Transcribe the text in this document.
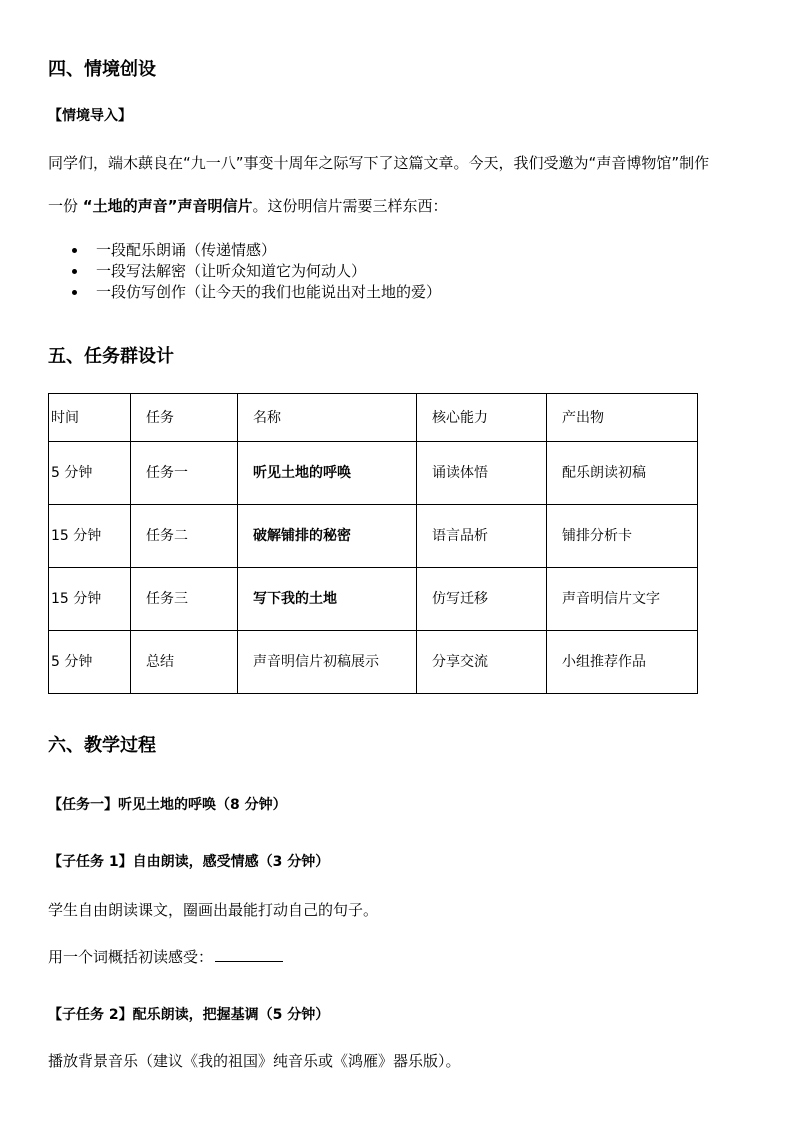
四、情境创设
【情境导入】
同学们，端木蕻良在“九一八”事变十周年之际写下了这篇文章。今天，我们受邀为“声音博物馆”制作
一份 “土地的声音”声音明信片。这份明信片需要三样东西：
一段配乐朗诵（传递情感）
一段写法解密（让听众知道它为何动人）
一段仿写创作（让今天的我们也能说出对土地的爱）
五、任务群设计
时间	任务	名称	核心能力	产出物
5 分钟	任务一	听见土地的呼唤	诵读体悟	配乐朗读初稿
15 分钟	任务二	破解铺排的秘密	语言品析	铺排分析卡
15 分钟	任务三	写下我的土地	仿写迁移	声音明信片文字
5 分钟	总结	声音明信片初稿展示	分享交流	小组推荐作品
六、教学过程
【任务一】听见土地的呼唤（8 分钟）
【子任务 1】自由朗读，感受情感（3 分钟）
学生自由朗读课文，圈画出最能打动自己的句子。
用一个词概括初读感受：
【子任务 2】配乐朗读，把握基调（5 分钟）
播放背景音乐（建议《我的祖国》纯音乐或《鸿雁》器乐版）。
